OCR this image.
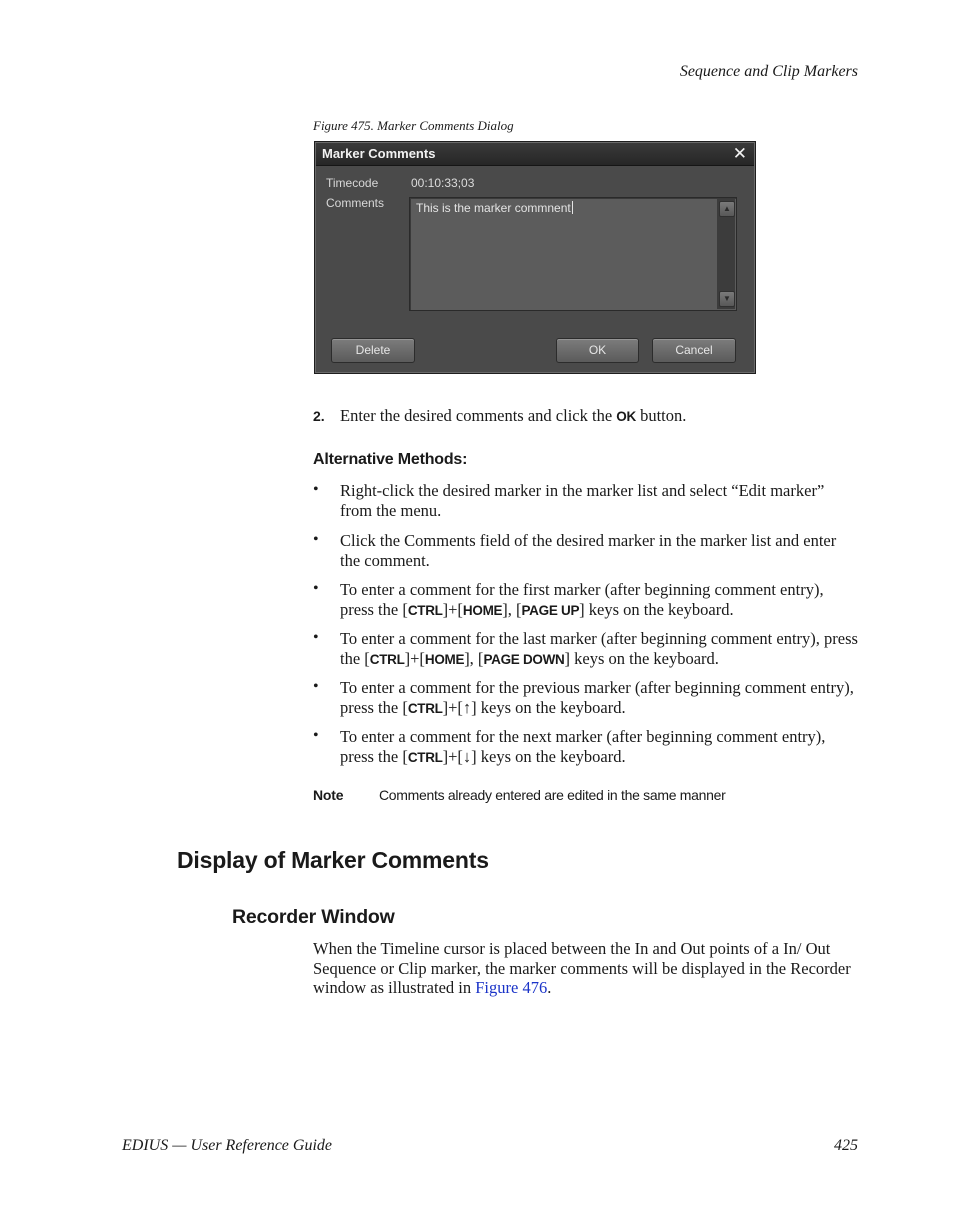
Sequence and Clip Markers
Figure 475. Marker Comments Dialog
Marker Comments	✕
Timecode	00:10:33;03
Comments	This is the marker commnent	▲
▼
Delete	OK	Cancel
2. Enter the desired comments and click the OK button.
Alternative Methods:
• Right-click the desired marker in the marker list and select “Edit marker” from the menu.
• Click the Comments field of the desired marker in the marker list and enter the comment.
• To enter a comment for the first marker (after beginning comment entry), press the [CTRL]+[HOME], [PAGE UP] keys on the keyboard.
• To enter a comment for the last marker (after beginning comment entry), press the [CTRL]+[HOME], [PAGE DOWN] keys on the keyboard.
• To enter a comment for the previous marker (after beginning comment entry), press the [CTRL]+[↑] keys on the keyboard.
• To enter a comment for the next marker (after beginning comment entry), press the [CTRL]+[↓] keys on the keyboard.
Note	Comments already entered are edited in the same manner
Display of Marker Comments
Recorder Window
When the Timeline cursor is placed between the In and Out points of a In/ Out Sequence or Clip marker, the marker comments will be displayed in the Recorder window as illustrated in Figure 476.
EDIUS — User Reference Guide	425
